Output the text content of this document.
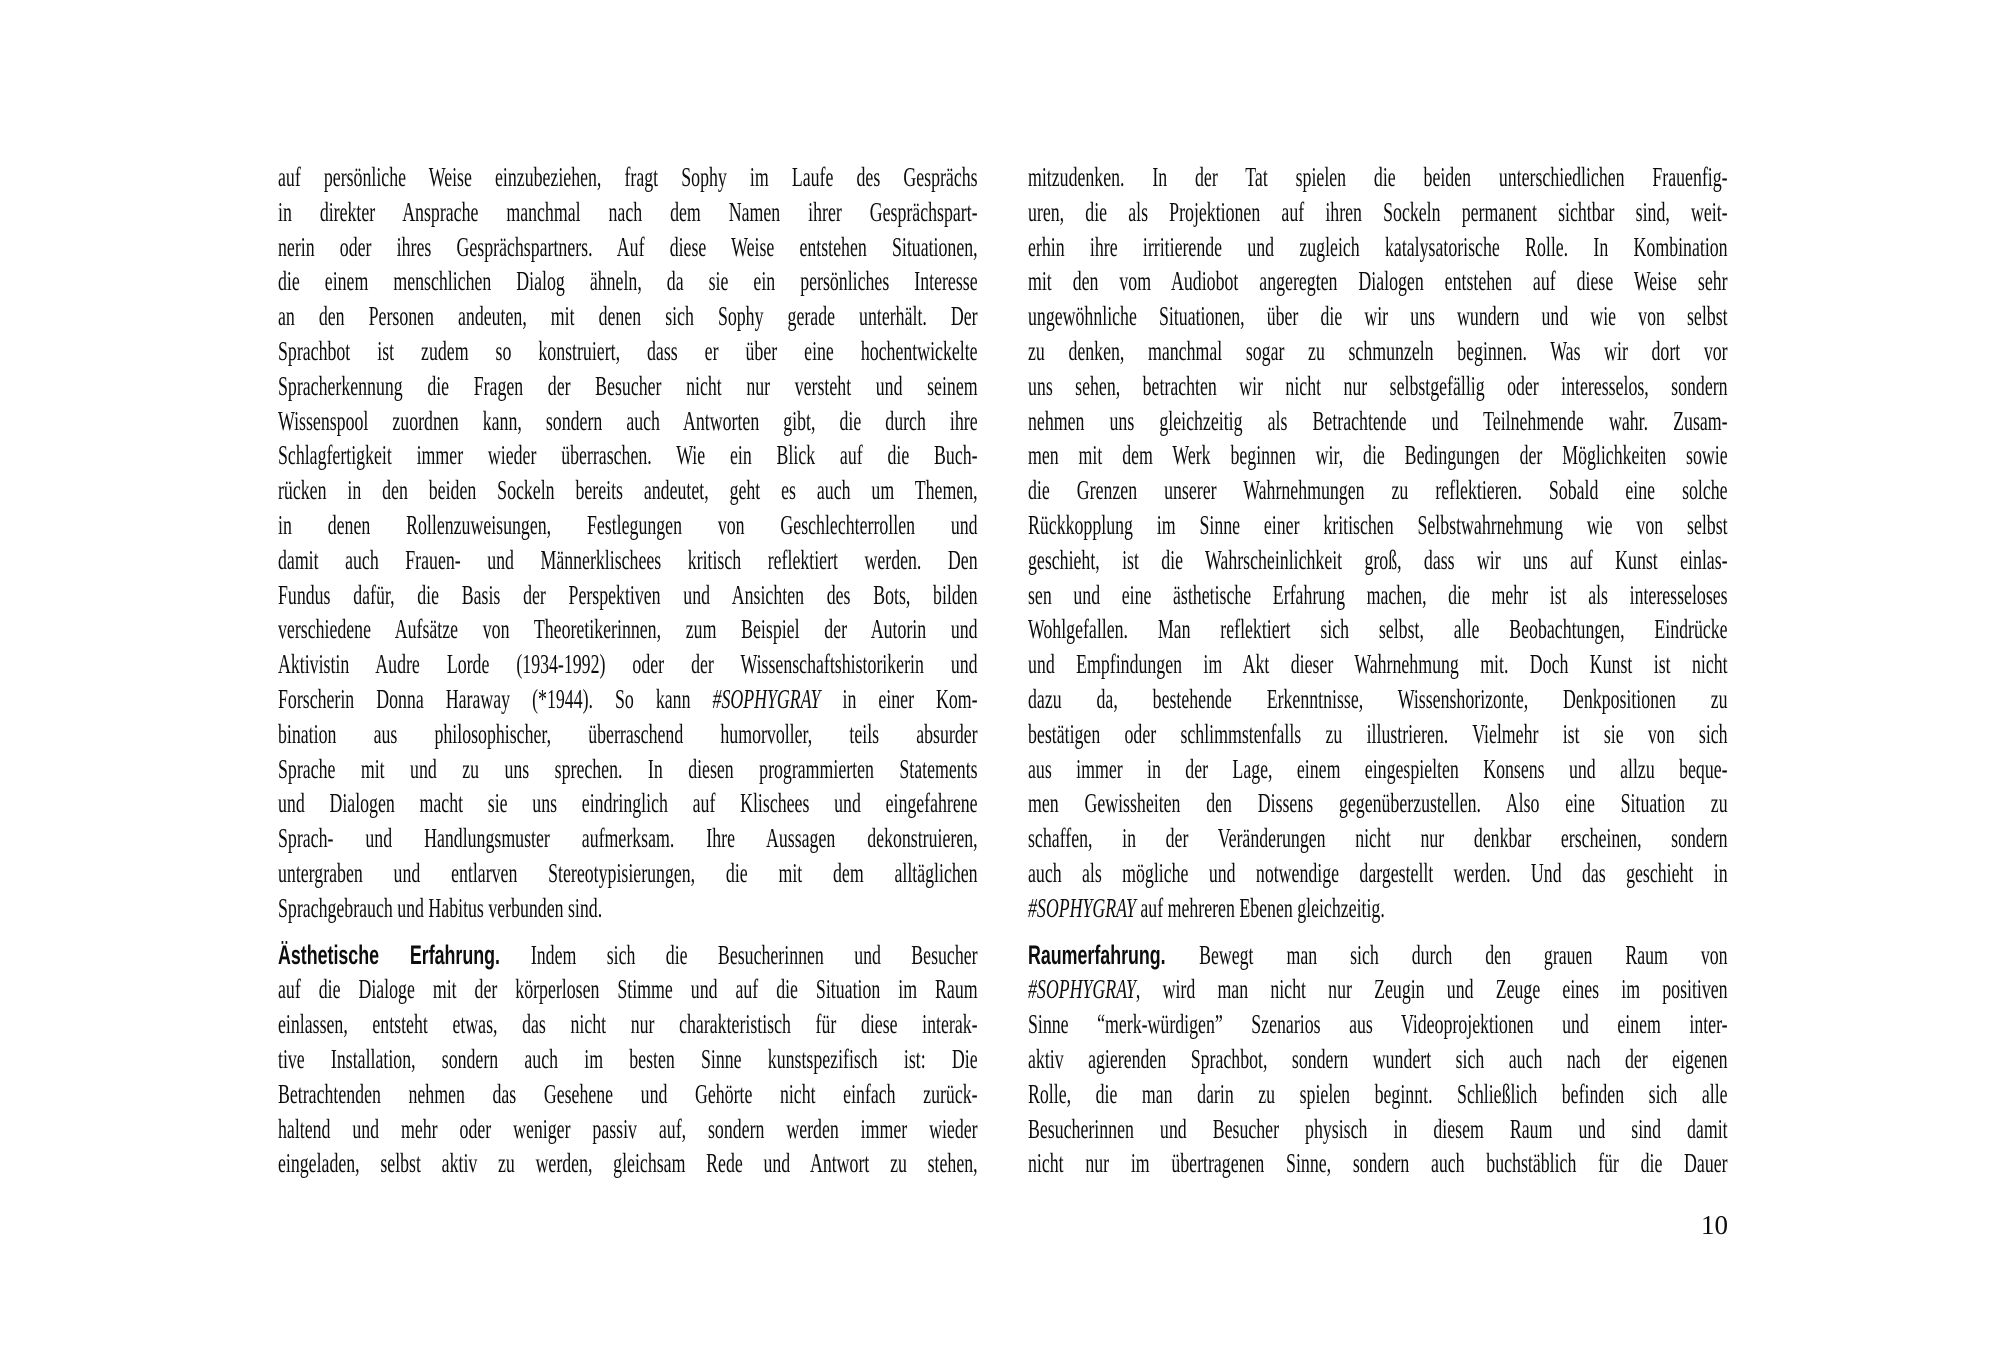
auf persönliche Weise einzubeziehen, fragt Sophy im Laufe des Gesprächs
in direkter Ansprache manchmal nach dem Namen ihrer Gesprächspart-
nerin oder ihres Gesprächspartners. Auf diese Weise entstehen Situationen,
die einem menschlichen Dialog ähneln, da sie ein persönliches Interesse
an den Personen andeuten, mit denen sich Sophy gerade unterhält. Der
Sprachbot ist zudem so konstruiert, dass er über eine hochentwickelte
Spracherkennung die Fragen der Besucher nicht nur versteht und seinem
Wissenspool zuordnen kann, sondern auch Antworten gibt, die durch ihre
Schlagfertigkeit immer wieder überraschen. Wie ein Blick auf die Buch-
rücken in den beiden Sockeln bereits andeutet, geht es auch um Themen,
in denen Rollenzuweisungen, Festlegungen von Geschlechterrollen und
damit auch Frauen- und Männerklischees kritisch reflektiert werden. Den
Fundus dafür, die Basis der Perspektiven und Ansichten des Bots, bilden
verschiedene Aufsätze von Theoretikerinnen, zum Beispiel der Autorin und
Aktivistin Audre Lorde (1934-1992) oder der Wissenschaftshistorikerin und
Forscherin Donna Haraway (*1944). So kann #SOPHYGRAY in einer Kom-
bination aus philosophischer, überraschend humorvoller, teils absurder
Sprache mit und zu uns sprechen. In diesen programmierten Statements
und Dialogen macht sie uns eindringlich auf Klischees und eingefahrene
Sprach- und Handlungsmuster aufmerksam. Ihre Aussagen dekonstruieren,
untergraben und entlarven Stereotypisierungen, die mit dem alltäglichen
Sprachgebrauch und Habitus verbunden sind.
Ästhetische Erfahrung. Indem sich die Besucherinnen und Besucher
auf die Dialoge mit der körperlosen Stimme und auf die Situation im Raum
einlassen, entsteht etwas, das nicht nur charakteristisch für diese interak-
tive Installation, sondern auch im besten Sinne kunstspezifisch ist: Die
Betrachtenden nehmen das Gesehene und Gehörte nicht einfach zurück-
haltend und mehr oder weniger passiv auf, sondern werden immer wieder
eingeladen, selbst aktiv zu werden, gleichsam Rede und Antwort zu stehen,
mitzudenken. In der Tat spielen die beiden unterschiedlichen Frauenfig-
uren, die als Projektionen auf ihren Sockeln permanent sichtbar sind, weit-
erhin ihre irritierende und zugleich katalysatorische Rolle. In Kombination
mit den vom Audiobot angeregten Dialogen entstehen auf diese Weise sehr
ungewöhnliche Situationen, über die wir uns wundern und wie von selbst
zu denken, manchmal sogar zu schmunzeln beginnen. Was wir dort vor
uns sehen, betrachten wir nicht nur selbstgefällig oder interesselos, sondern
nehmen uns gleichzeitig als Betrachtende und Teilnehmende wahr. Zusam-
men mit dem Werk beginnen wir, die Bedingungen der Möglichkeiten sowie
die Grenzen unserer Wahrnehmungen zu reflektieren. Sobald eine solche
Rückkopplung im Sinne einer kritischen Selbstwahrnehmung wie von selbst
geschieht, ist die Wahrscheinlichkeit groß, dass wir uns auf Kunst einlas-
sen und eine ästhetische Erfahrung machen, die mehr ist als interesseloses
Wohlgefallen. Man reflektiert sich selbst, alle Beobachtungen, Eindrücke
und Empfindungen im Akt dieser Wahrnehmung mit. Doch Kunst ist nicht
dazu da, bestehende Erkenntnisse, Wissenshorizonte, Denkpositionen zu
bestätigen oder schlimmstenfalls zu illustrieren. Vielmehr ist sie von sich
aus immer in der Lage, einem eingespielten Konsens und allzu beque-
men Gewissheiten den Dissens gegenüberzustellen. Also eine Situation zu
schaffen, in der Veränderungen nicht nur denkbar erscheinen, sondern
auch als mögliche und notwendige dargestellt werden. Und das geschieht in
#SOPHYGRAY auf mehreren Ebenen gleichzeitig.
Raumerfahrung. Bewegt man sich durch den grauen Raum von
#SOPHYGRAY, wird man nicht nur Zeugin und Zeuge eines im positiven
Sinne “merk-würdigen” Szenarios aus Videoprojektionen und einem inter-
aktiv agierenden Sprachbot, sondern wundert sich auch nach der eigenen
Rolle, die man darin zu spielen beginnt. Schließlich befinden sich alle
Besucherinnen und Besucher physisch in diesem Raum und sind damit
nicht nur im übertragenen Sinne, sondern auch buchstäblich für die Dauer
10
